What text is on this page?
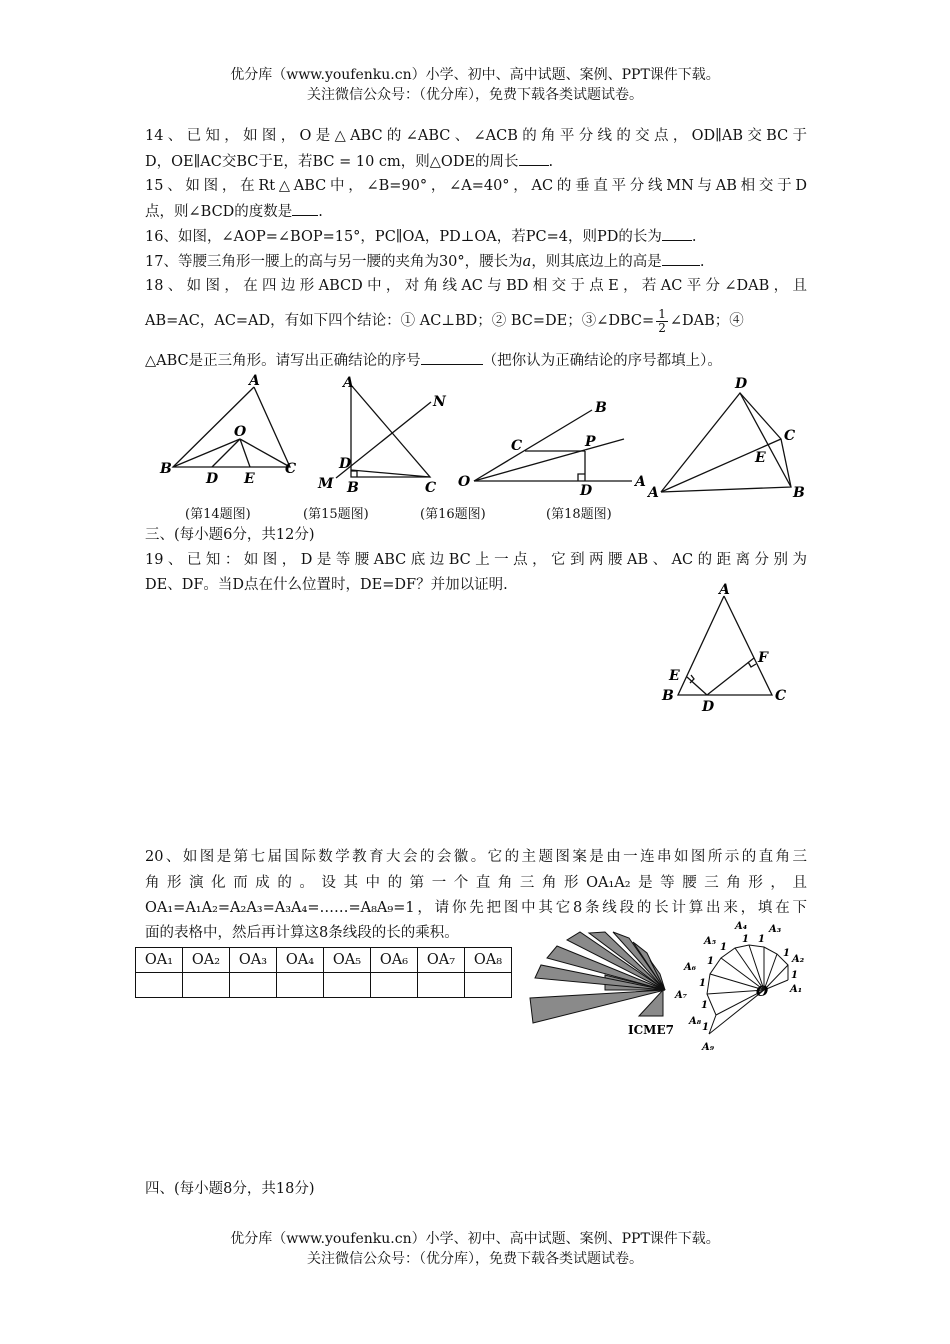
优分库（www.youfenku.cn）小学、初中、高中试题、案例、PPT课件下载。
关注微信公众号：（优分库），免费下载各类试题试卷。
14、已知，如图，O是△ABC的∠ABC、∠ACB的角平分线的交点，OD∥AB交BC于
D，OE∥AC交BC于E，若BC = 10 cm，则△ODE的周长 .
15、如图，在Rt△ABC中，∠B=90°，∠A=40°，AC的垂直平分线MN与AB相交于D
点，则∠BCD的度数是 .
16、如图，∠AOP=∠BOP=15°，PC∥OA，PD⊥OA，若PC=4，则PD的长为 .
17、等腰三角形一腰上的高与另一腰的夹角为30°，腰长为a，则其底边上的高是	.
18、如图，在四边形ABCD中，对角线AC与BD相交于点E，若AC平分∠DAB，且
AB=AC，AC=AD，有如下四个结论：① AC⊥BD；② BC=DE；③∠DBC= $\frac{1}{2}$ ∠DAB；④
△ABC是正三角形。请写出正确结论的序号	（把你认为正确结论的序号都填上）。
A
B	C
O
D E
A
B	C
D
M
N
O	A
B
C	P
D
D
A	B
C
E
(第14题图)	(第15题图)	(第16题图)	(第18题图)
三、(每小题6分，共12分)
19、已知：如图，D是等腰ABC底边BC上一点，它到两腰AB、AC的距离分别为
DE、DF。当D点在什么位置时，DE=DF？并加以证明.	A
B	C
D
E
F
20、如图是第七届国际数学教育大会的会徽。它的主题图案是由一连串如图所示的直角三
角形演化而成的。设其中的第一个直角三角形OA₁A₂是等腰三角形，且
OA₁=A₁A₂=A₂A₃=A₃A₄=……=A₈A₉=1，请你先把图中其它8条线段的长计算出来，填在下
面的表格中，然后再计算这8条线段的长的乘积。
OA₁	OA₂	OA₃	OA₄	OA₅	OA₆	OA₇	OA₈

ICME7
O A₁
A₂
A₃
A₄
A₅
A₆
A₇
A₈
A₉
1
1
1
1
1
1
1
1
1
四、(每小题8分，共18分)
优分库（www.youfenku.cn）小学、初中、高中试题、案例、PPT课件下载。
关注微信公众号：（优分库），免费下载各类试题试卷。
